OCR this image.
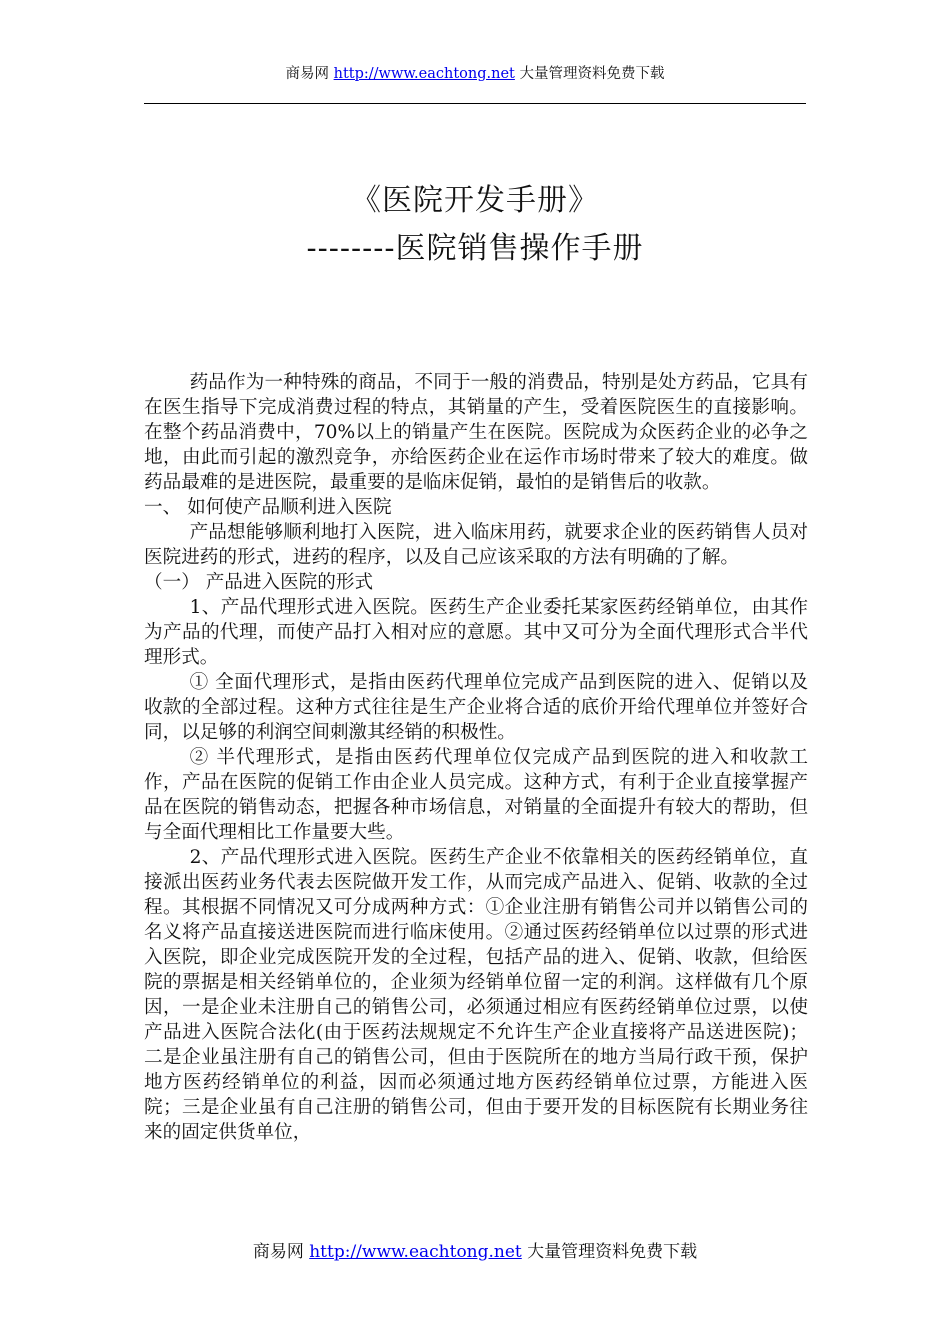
商易网 http://www.eachtong.net 大量管理资料免费下载
《医院开发手册》
--------医院销售操作手册

药品作为一种特殊的商品，不同于一般的消费品，特别是处方药品，它具有在医生指导下完成消费过程的特点，其销量的产生，受着医院医生的直接影响。在整个药品消费中，70%以上的销量产生在医院。医院成为众医药企业的必争之地，由此而引起的激烈竞争，亦给医药企业在运作市场时带来了较大的难度。做药品最难的是进医院，最重要的是临床促销，最怕的是销售后的收款。

一、 如何使产品顺利进入医院

产品想能够顺利地打入医院，进入临床用药，就要求企业的医药销售人员对医院进药的形式，进药的程序，以及自己应该采取的方法有明确的了解。

（一） 产品进入医院的形式

1、产品代理形式进入医院。医药生产企业委托某家医药经销单位，由其作为产品的代理，而使产品打入相对应的意愿。其中又可分为全面代理形式合半代理形式。

① 全面代理形式，是指由医药代理单位完成产品到医院的进入、促销以及收款的全部过程。这种方式往往是生产企业将合适的底价开给代理单位并签好合同，以足够的利润空间刺激其经销的积极性。

② 半代理形式，是指由医药代理单位仅完成产品到医院的进入和收款工作，产品在医院的促销工作由企业人员完成。这种方式，有利于企业直接掌握产品在医院的销售动态，把握各种市场信息，对销量的全面提升有较大的帮助，但与全面代理相比工作量要大些。

2、产品代理形式进入医院。医药生产企业不依靠相关的医药经销单位，直接派出医药业务代表去医院做开发工作，从而完成产品进入、促销、收款的全过程。其根据不同情况又可分成两种方式：①企业注册有销售公司并以销售公司的名义将产品直接送进医院而进行临床使用。②通过医药经销单位以过票的形式进入医院，即企业完成医院开发的全过程，包括产品的进入、促销、收款，但给医院的票据是相关经销单位的，企业须为经销单位留一定的利润。这样做有几个原因，一是企业未注册自己的销售公司，必须通过相应有医药经销单位过票，以使产品进入医院合法化(由于医药法规规定不允许生产企业直接将产品送进医院)；二是企业虽注册有自己的销售公司，但由于医院所在的地方当局行政干预，保护地方医药经销单位的利益，因而必须通过地方医药经销单位过票，方能进入医院；三是企业虽有自己注册的销售公司，但由于要开发的目标医院有长期业务往来的固定供货单位，

商易网 http://www.eachtong.net 大量管理资料免费下载
